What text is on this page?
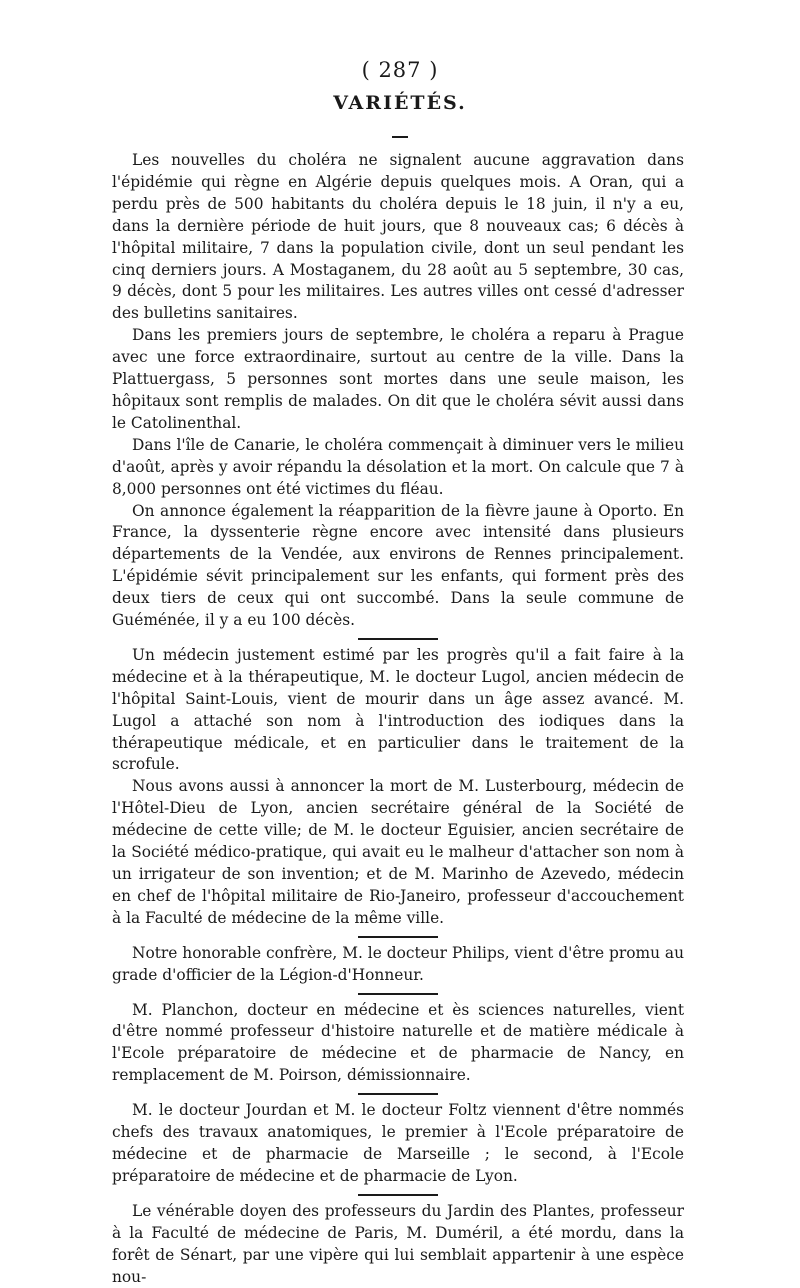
( 287 )
VARIÉTÉS.

Les nouvelles du choléra ne signalent aucune aggravation dans l'épidémie qui règne en Algérie depuis quelques mois. A Oran, qui a perdu près de 500 habitants du choléra depuis le 18 juin, il n'y a eu, dans la dernière période de huit jours, que 8 nouveaux cas; 6 décès à l'hôpital militaire, 7 dans la population civile, dont un seul pendant les cinq derniers jours. A Mostaganem, du 28 août au 5 septembre, 30 cas, 9 décès, dont 5 pour les militaires. Les autres villes ont cessé d'adresser des bulletins sanitaires.

Dans les premiers jours de septembre, le choléra a reparu à Prague avec une force extraordinaire, surtout au centre de la ville. Dans la Plattuergass, 5 personnes sont mortes dans une seule maison, les hôpitaux sont remplis de malades. On dit que le choléra sévit aussi dans le Catolinenthal.

Dans l'île de Canarie, le choléra commençait à diminuer vers le milieu d'août, après y avoir répandu la désolation et la mort. On calcule que 7 à 8,000 personnes ont été victimes du fléau.

On annonce également la réapparition de la fièvre jaune à Oporto. En France, la dyssenterie règne encore avec intensité dans plusieurs départements de la Vendée, aux environs de Rennes principalement. L'épidémie sévit principalement sur les enfants, qui forment près des deux tiers de ceux qui ont succombé. Dans la seule commune de Guéménée, il y a eu 100 décès.

Un médecin justement estimé par les progrès qu'il a fait faire à la médecine et à la thérapeutique, M. le docteur Lugol, ancien médecin de l'hôpital Saint-Louis, vient de mourir dans un âge assez avancé. M. Lugol a attaché son nom à l'introduction des iodiques dans la thérapeutique médicale, et en particulier dans le traitement de la scrofule.

Nous avons aussi à annoncer la mort de M. Lusterbourg, médecin de l'Hôtel-Dieu de Lyon, ancien secrétaire général de la Société de médecine de cette ville; de M. le docteur Eguisier, ancien secrétaire de la Société médico-pratique, qui avait eu le malheur d'attacher son nom à un irrigateur de son invention; et de M. Marinho de Azevedo, médecin en chef de l'hôpital militaire de Rio-Janeiro, professeur d'accouchement à la Faculté de médecine de la même ville.

Notre honorable confrère, M. le docteur Philips, vient d'être promu au grade d'officier de la Légion-d'Honneur.

M. Planchon, docteur en médecine et ès sciences naturelles, vient d'être nommé professeur d'histoire naturelle et de matière médicale à l'Ecole préparatoire de médecine et de pharmacie de Nancy, en remplacement de M. Poirson, démissionnaire.

M. le docteur Jourdan et M. le docteur Foltz viennent d'être nommés chefs des travaux anatomiques, le premier à l'Ecole préparatoire de médecine et de pharmacie de Marseille ; le second, à l'Ecole préparatoire de médecine et de pharmacie de Lyon.

Le vénérable doyen des professeurs du Jardin des Plantes, professeur à la Faculté de médecine de Paris, M. Duméril, a été mordu, dans la forêt de Sénart, par une vipère qui lui semblait appartenir à une espèce nou-
